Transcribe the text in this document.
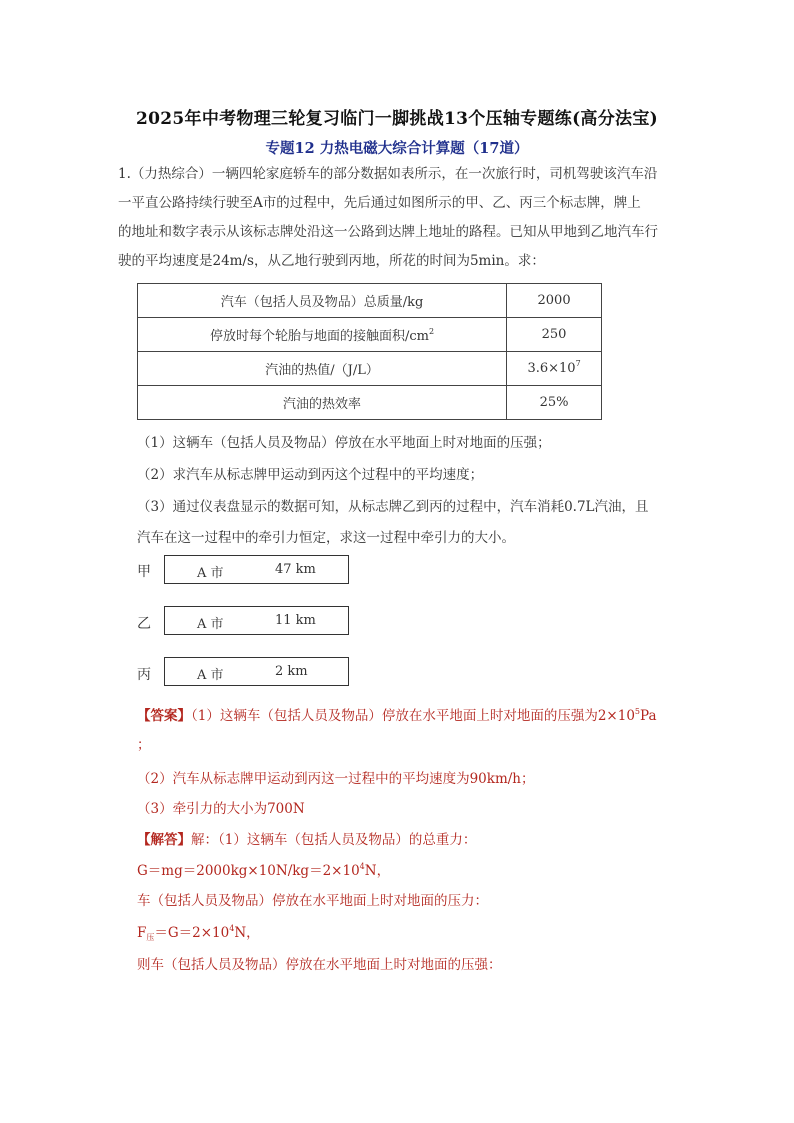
2025年中考物理三轮复习临门一脚挑战13个压轴专题练(高分法宝)
专题12 力热电磁大综合计算题（17道）

1.（力热综合）一辆四轮家庭轿车的部分数据如表所示，在一次旅行时，司机驾驶该汽车沿

一平直公路持续行驶至A市的过程中，先后通过如图所示的甲、乙、丙三个标志牌，牌上

的地址和数字表示从该标志牌处沿这一公路到达牌上地址的路程。已知从甲地到乙地汽车行

驶的平均速度是24m/s，从乙地行驶到丙地，所花的时间为5min。求：

汽车（包括人员及物品）总质量/kg	2000
停放时每个轮胎与地面的接触面积$/cm^2$	250
汽油的热值/（J/L）	$3.6\times 10^7$
汽油的热效率	25%
（1）这辆车（包括人员及物品）停放在水平地面上时对地面的压强；
（2）求汽车从标志牌甲运动到丙这个过程中的平均速度；
（3）通过仪表盘显示的数据可知，从标志牌乙到丙的过程中，汽车消耗0.7L汽油，且
汽车在这一过程中的牵引力恒定，求这一过程中牵引力的大小。
甲	A 市	47 km
乙	A 市	11 km
丙	A 市	2 km
【答案】（1）这辆车（包括人员及物品）停放在水平地面上时对地面的压强为$2\times 10^5Pa$
；
（2）汽车从标志牌甲运动到丙这一过程中的平均速度为90km/h；
（3）牵引力的大小为700N
【解答】解：（1）这辆车（包括人员及物品）的总重力：
$G=mg=2000kg\times 10N/kg=2\times 10^4N$，
车（包括人员及物品）停放在水平地面上时对地面的压力：
$F_压=G=2\times 10^4N$，
则车（包括人员及物品）停放在水平地面上时对地面的压强：
